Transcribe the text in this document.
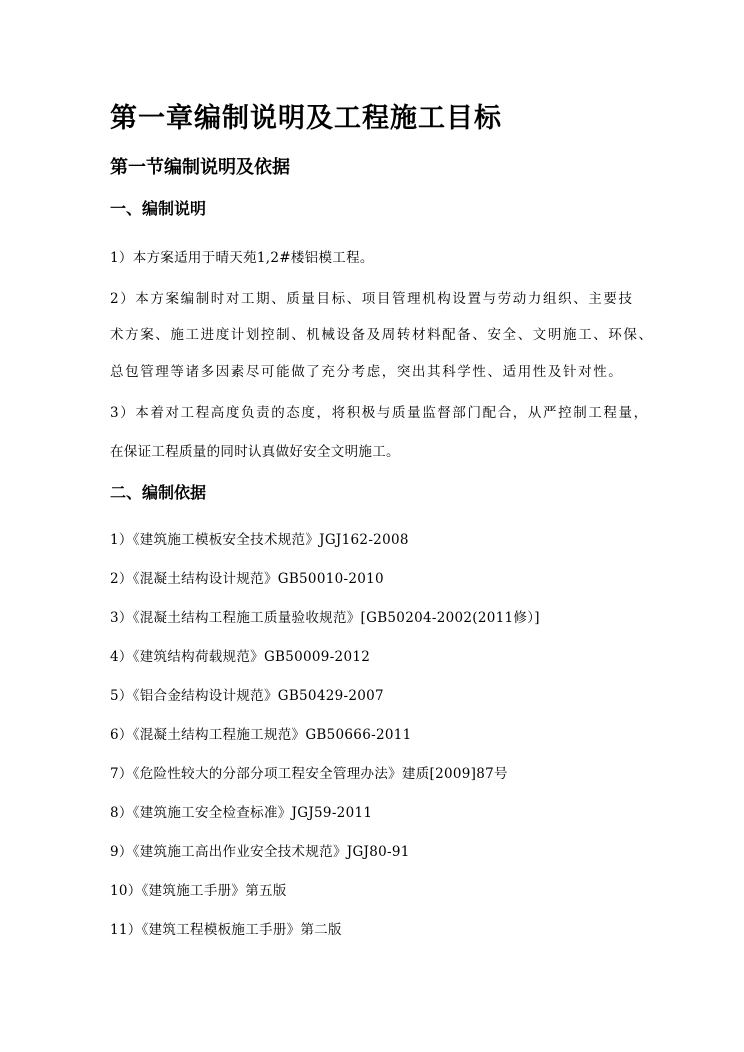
第一章编制说明及工程施工目标
第一节编制说明及依据
一、编制说明
1）本方案适用于晴天苑1,2#楼铝模工程。
2）本方案编制时对工期、质量目标、项目管理机构设置与劳动力组织、主要技
术方案、施工进度计划控制、机械设备及周转材料配备、安全、文明施工、环保、
总包管理等诸多因素尽可能做了充分考虑，突出其科学性、适用性及针对性。
3）本着对工程高度负责的态度，将积极与质量监督部门配合，从严控制工程量，
在保证工程质量的同时认真做好安全文明施工。
二、编制依据
1）《建筑施工模板安全技术规范》JGJ162-2008
2）《混凝土结构设计规范》GB50010-2010
3）《混凝土结构工程施工质量验收规范》[GB50204-2002(2011修）]
4）《建筑结构荷载规范》GB50009-2012
5）《铝合金结构设计规范》GB50429-2007
6）《混凝土结构工程施工规范》GB50666-2011
7）《危险性较大的分部分项工程安全管理办法》建质[2009]87号
8）《建筑施工安全检查标准》JGJ59-2011
9）《建筑施工高出作业安全技术规范》JGJ80-91
10）《建筑施工手册》第五版
11）《建筑工程模板施工手册》第二版
